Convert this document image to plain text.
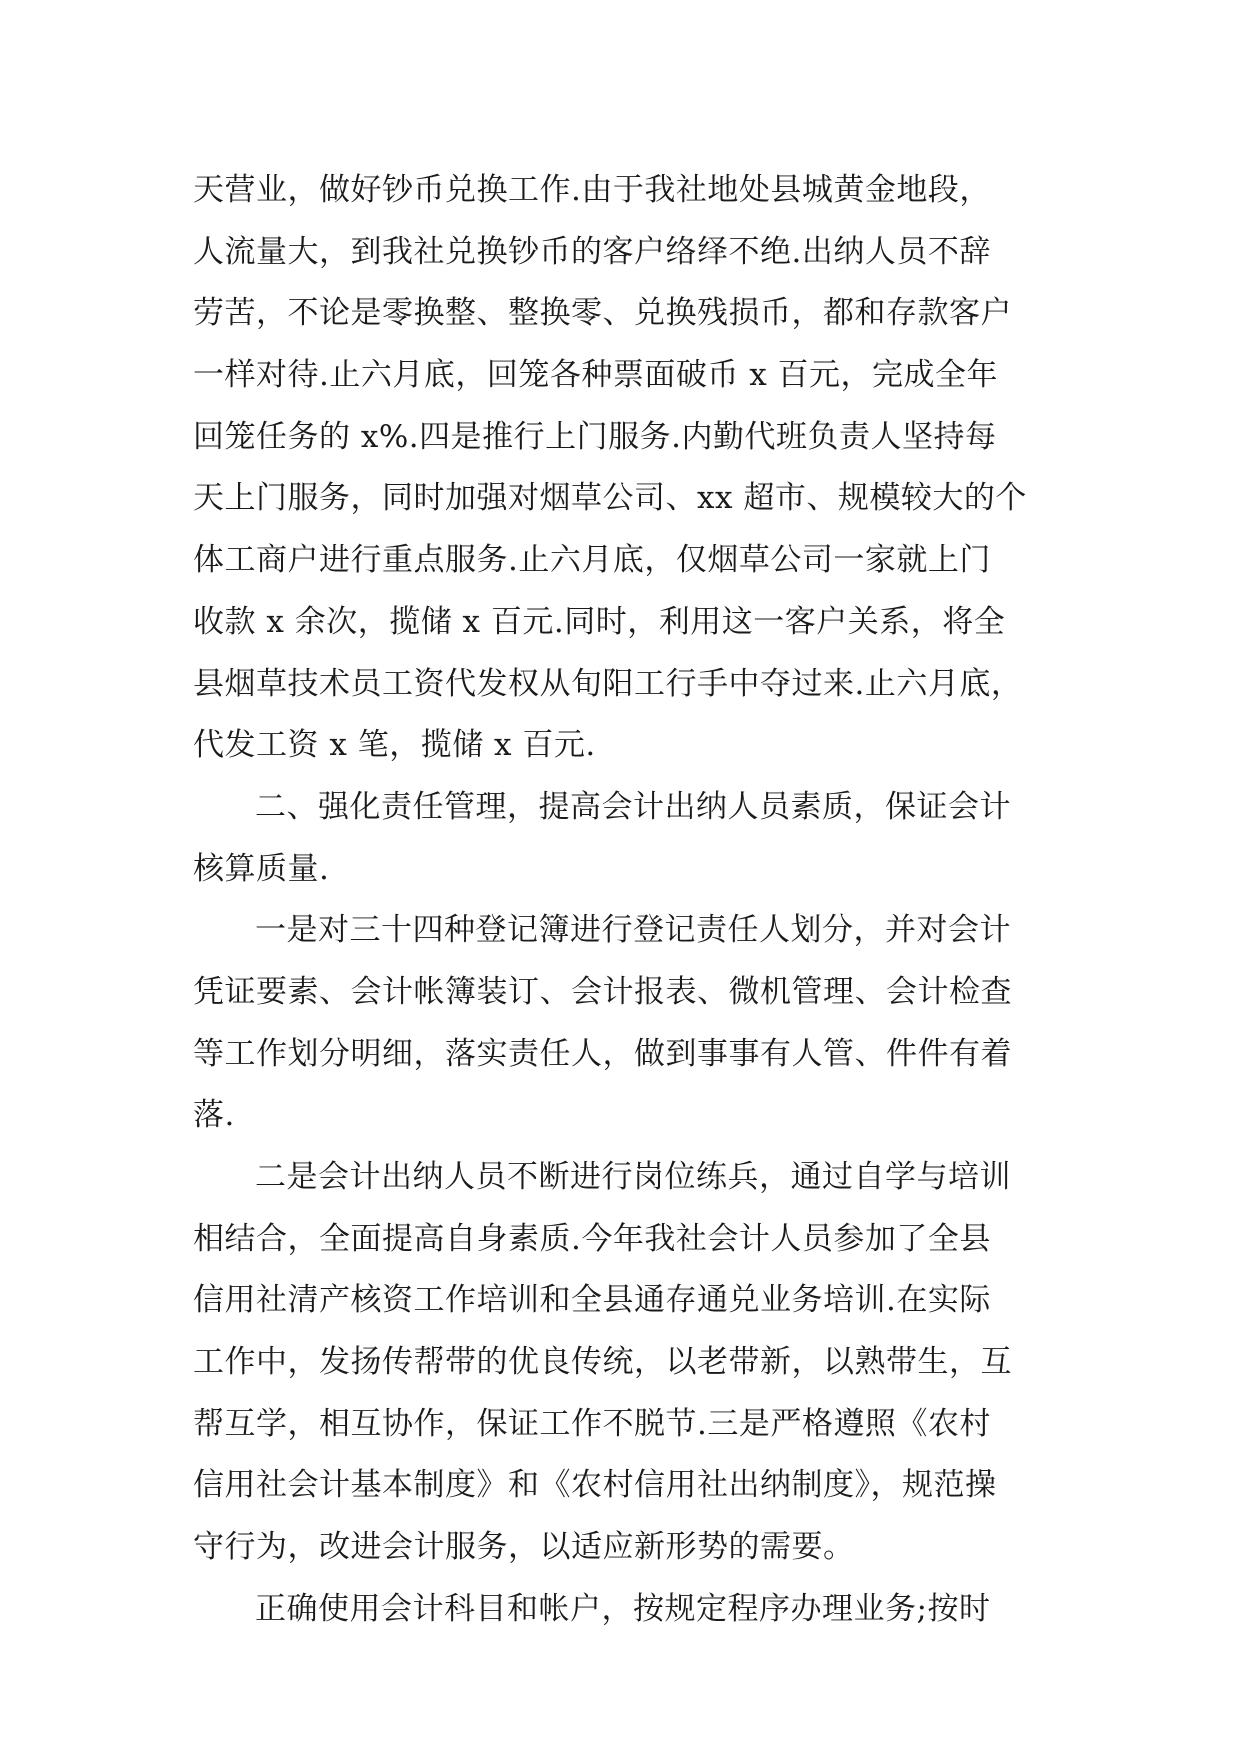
天营业，做好钞币兑换工作.由于我社地处县城黄金地段，
人流量大，到我社兑换钞币的客户络绎不绝.出纳人员不辞
劳苦，不论是零换整、整换零、兑换残损币，都和存款客户
一样对待.止六月底，回笼各种票面破币 x 百元，完成全年
回笼任务的 x%.四是推行上门服务.内勤代班负责人坚持每
天上门服务，同时加强对烟草公司、xx 超市、规模较大的个
体工商户进行重点服务.止六月底，仅烟草公司一家就上门
收款 x 余次，揽储 x 百元.同时，利用这一客户关系，将全
县烟草技术员工资代发权从旬阳工行手中夺过来.止六月底，
代发工资 x 笔，揽储 x 百元.
二、强化责任管理，提高会计出纳人员素质，保证会计
核算质量.
一是对三十四种登记簿进行登记责任人划分，并对会计
凭证要素、会计帐簿装订、会计报表、微机管理、会计检查
等工作划分明细，落实责任人，做到事事有人管、件件有着
落.
二是会计出纳人员不断进行岗位练兵，通过自学与培训
相结合，全面提高自身素质.今年我社会计人员参加了全县
信用社清产核资工作培训和全县通存通兑业务培训.在实际
工作中，发扬传帮带的优良传统，以老带新，以熟带生，互
帮互学，相互协作，保证工作不脱节.三是严格遵照《农村
信用社会计基本制度》和《农村信用社出纳制度》，规范操
守行为，改进会计服务，以适应新形势的需要。
正确使用会计科目和帐户，按规定程序办理业务;按时
